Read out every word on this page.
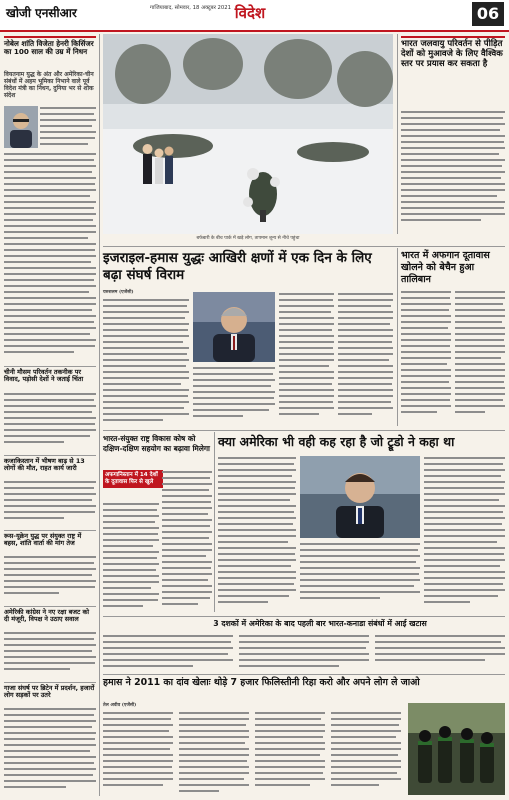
खोजी एनसीआर	गाजियाबाद, सोमवार, 18 अक्टूबर 2021 विदेश	06
नोबेल शांति विजेता हेनरी किसिंजर का 100 साल की उम्र में निधन
वियतनाम युद्ध के अंत और अमेरिका-चीन संबंधों में अहम भूमिका निभाने वाले पूर्व विदेश मंत्री का निधन, दुनिया भर से शोक संदेश
चीनी मौसम परिवर्तन तकनीक पर विवाद, पड़ोसी देशों ने जताई चिंता
कजाकिस्तान में भीषण बाढ़ से 13 लोगों की मौत, राहत कार्य जारी
रूस-यूक्रेन युद्ध पर संयुक्त राष्ट्र में बहस, शांति वार्ता की मांग तेज
अमेरिकी कांग्रेस ने नए रक्षा बजट को दी मंजूरी, विपक्ष ने उठाए सवाल
गाजा संघर्ष पर ब्रिटेन में प्रदर्शन, हजारों लोग सड़कों पर उतरे
बर्फबारी के बीच पार्क में खड़े लोग, तापमान शून्य से नीचे पहुंचा
भारत जलवायु परिवर्तन से पीड़ित देशों को मुआवजे के लिए वैश्विक स्तर पर प्रयास कर सकता है
इजराइल-हमास युद्धः आखिरी क्षणों में एक दिन के लिए बढ़ा संघर्ष विराम
भारत में अफगान दूतावास खोलने को बेचैन हुआ तालिबान
यरुशलम (एजेंसी)
भारत-संयुक्त राष्ट्र विकास कोष को दक्षिण-दक्षिण सहयोग का बढ़ावा मिलेगा
अफगानिस्तान में 14 देशों के दूतावास फिर से खुले
क्या अमेरिका भी वही कह रहा है जो ट्रूडो ने कहा था
3 दशकों में अमेरिका के बाद पहली बार भारत-कनाडा संबंधों में आई खटास
हमास ने 2011 का दांव खेलाः थोड़े 7 हजार फिलिस्तीनी रिहा करो और अपने लोग ले जाओ
तेल अवीव (एजेंसी)
